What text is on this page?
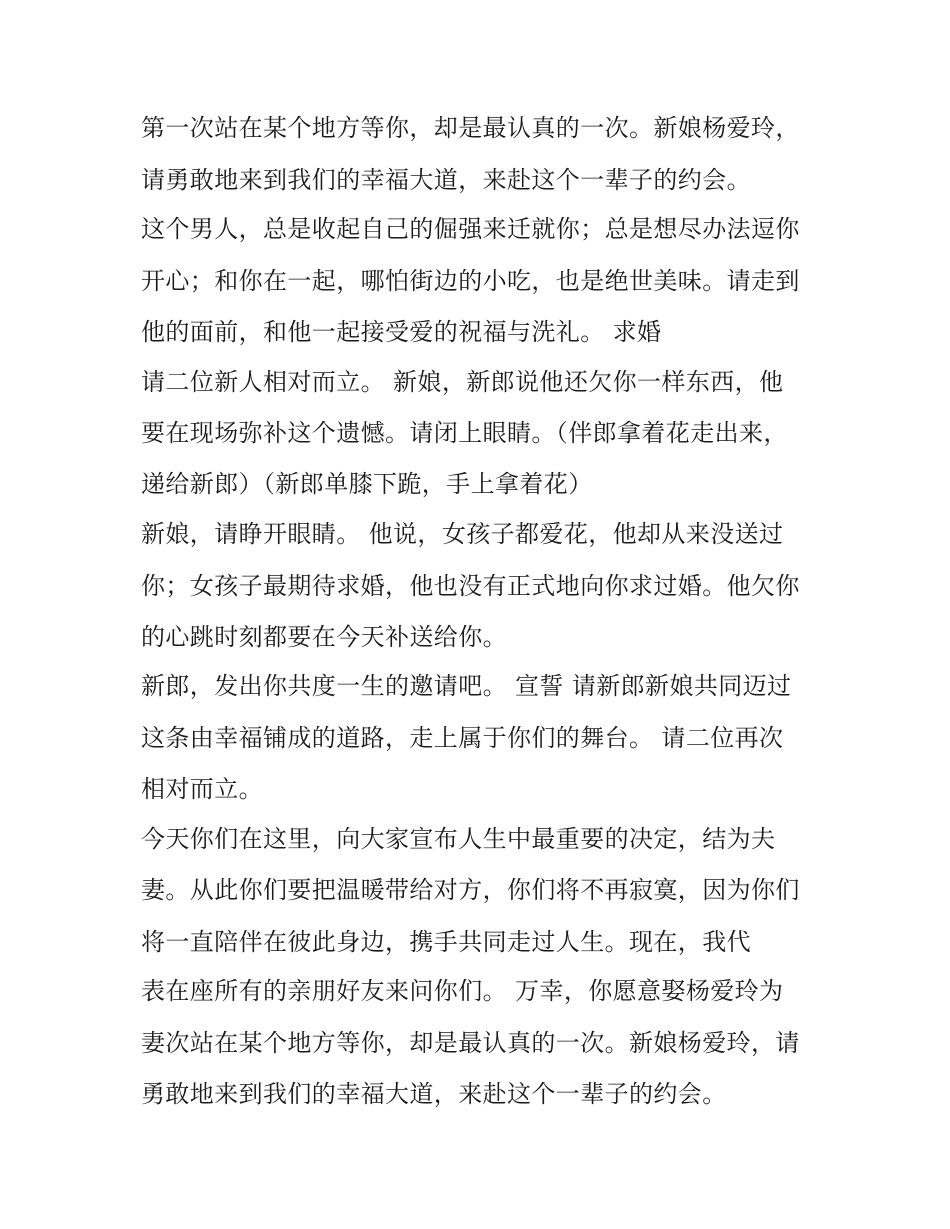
第一次站在某个地方等你，却是最认真的一次。新娘杨爱玲，
请勇敢地来到我们的幸福大道，来赴这个一辈子的约会。
这个男人，总是收起自己的倔强来迁就你；总是想尽办法逗你
开心；和你在一起，哪怕街边的小吃，也是绝世美味。请走到
他的面前，和他一起接受爱的祝福与洗礼。 求婚
请二位新人相对而立。 新娘，新郎说他还欠你一样东西，他
要在现场弥补这个遗憾。请闭上眼睛。（伴郎拿着花走出来，
递给新郎）（新郎单膝下跪，手上拿着花）
新娘，请睁开眼睛。 他说，女孩子都爱花，他却从来没送过
你；女孩子最期待求婚，他也没有正式地向你求过婚。他欠你
的心跳时刻都要在今天补送给你。
新郎，发出你共度一生的邀请吧。 宣誓 请新郎新娘共同迈过
这条由幸福铺成的道路，走上属于你们的舞台。 请二位再次
相对而立。
今天你们在这里，向大家宣布人生中最重要的决定，结为夫
妻。从此你们要把温暖带给对方，你们将不再寂寞，因为你们
将一直陪伴在彼此身边，携手共同走过人生。现在，我代
表在座所有的亲朋好友来问你们。 万幸，你愿意娶杨爱玲为
妻次站在某个地方等你，却是最认真的一次。新娘杨爱玲，请
勇敢地来到我们的幸福大道，来赴这个一辈子的约会。
